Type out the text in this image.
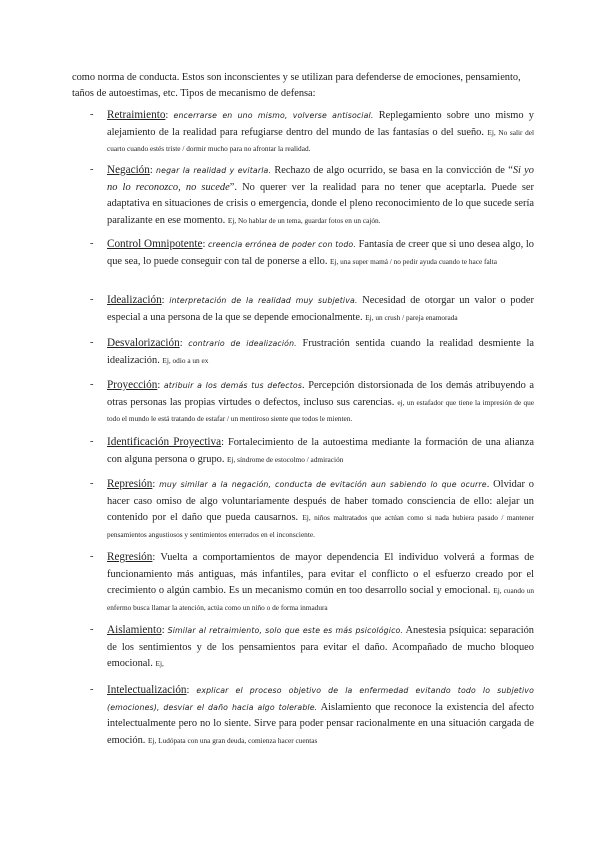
como norma de conducta. Estos son inconscientes y se utilizan para defenderse de emociones, pensamiento, taños de autoestimas, etc. Tipos de mecanismo de defensa:
- Retraimiento: encerrarse en uno mismo, volverse antisocial. Replegamiento sobre uno mismo y alejamiento de la realidad para refugiarse dentro del mundo de las fantasías o del sueño. Ej, No salir del cuarto cuando estés triste / dormir mucho para no afrontar la realidad.
- Negación: negar la realidad y evitarla. Rechazo de algo ocurrido, se basa en la convicción de “Si yo no lo reconozco, no sucede”. No querer ver la realidad para no tener que aceptarla. Puede ser adaptativa en situaciones de crisis o emergencia, donde el pleno reconocimiento de lo que sucede sería paralizante en ese momento. Ej, No hablar de un tema, guardar fotos en un cajón.
- Control Omnipotente: creencia errónea de poder con todo. Fantasía de creer que si uno desea algo, lo que sea, lo puede conseguir con tal de ponerse a ello. Ej, una super mamá / no pedir ayuda cuando te hace falta
- Idealización: interpretación de la realidad muy subjetiva. Necesidad de otorgar un valor o poder especial a una persona de la que se depende emocionalmente. Ej, un crush / pareja enamorada
- Desvalorización: contrario de idealización. Frustración sentida cuando la realidad desmiente la idealización. Ej, odio a un ex
- Proyección: atribuir a los demás tus defectos. Percepción distorsionada de los demás atribuyendo a otras personas las propias virtudes o defectos, incluso sus carencias. ej, un estafador que tiene la impresión de que todo el mundo le está tratando de estafar / un mentiroso siente que todos le mienten.
- Identificación Proyectiva: Fortalecimiento de la autoestima mediante la formación de una alianza con alguna persona o grupo. Ej, síndrome de estocolmo / admiración
- Represión: muy similar a la negación, conducta de evitación aun sabiendo lo que ocurre. Olvidar o hacer caso omiso de algo voluntariamente después de haber tomado consciencia de ello: alejar un contenido por el daño que pueda causarnos. Ej, niños maltratados que actúan como si nada hubiera pasado / mantener pensamientos angustiosos y sentimientos enterrados en el inconsciente.
- Regresión: Vuelta a comportamientos de mayor dependencia El individuo volverá a formas de funcionamiento más antiguas, más infantiles, para evitar el conflicto o el esfuerzo creado por el crecimiento o algún cambio. Es un mecanismo común en too desarrollo social y emocional. Ej, cuando un enfermo busca llamar la atención, actúa como un niño o de forma inmadura
- Aislamiento: Similar al retraimiento, solo que este es más psicológico. Anestesia psíquica: separación de los sentimientos y de los pensamientos para evitar el daño. Acompañado de mucho bloqueo emocional. Ej,
- Intelectualización: explicar el proceso objetivo de la enfermedad evitando todo lo subjetivo (emociones), desviar el daño hacia algo tolerable. Aislamiento que reconoce la existencia del afecto intelectualmente pero no lo siente. Sirve para poder pensar racionalmente en una situación cargada de emoción. Ej, Ludópata con una gran deuda, comienza hacer cuentas
